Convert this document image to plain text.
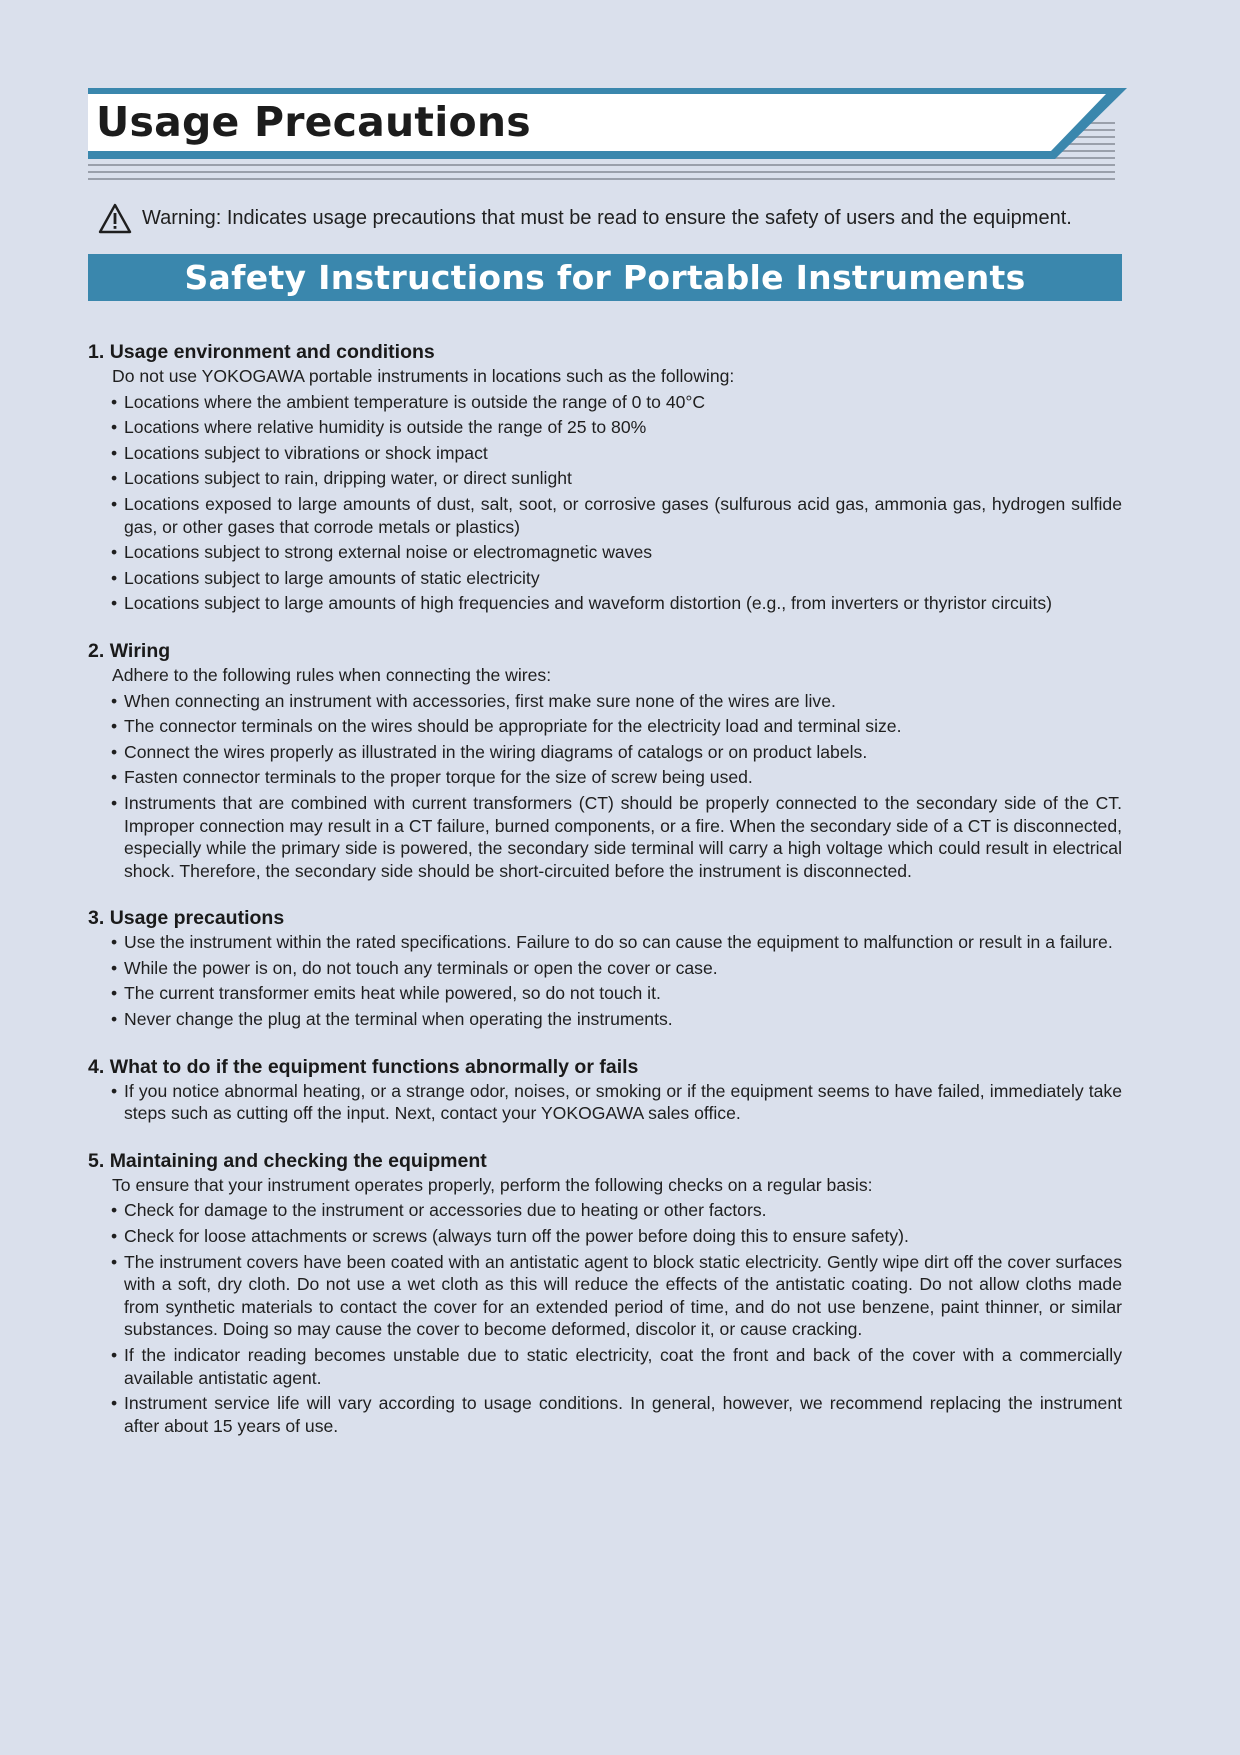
Usage Precautions
Warning: Indicates usage precautions that must be read to ensure the safety of users and the equipment.
Safety Instructions for Portable Instruments

1. Usage environment and conditions

Do not use YOKOGAWA portable instruments in locations such as the following:

• Locations where the ambient temperature is outside the range of 0 to 40°C
• Locations where relative humidity is outside the range of 25 to 80%
• Locations subject to vibrations or shock impact
• Locations subject to rain, dripping water, or direct sunlight
• Locations exposed to large amounts of dust, salt, soot, or corrosive gases (sulfurous acid gas, ammonia gas, hydrogen sulfide gas, or other gases that corrode metals or plastics)
• Locations subject to strong external noise or electromagnetic waves
• Locations subject to large amounts of static electricity
• Locations subject to large amounts of high frequencies and waveform distortion (e.g., from inverters or thyristor circuits)

2. Wiring

Adhere to the following rules when connecting the wires:

• When connecting an instrument with accessories, first make sure none of the wires are live.
• The connector terminals on the wires should be appropriate for the electricity load and terminal size.
• Connect the wires properly as illustrated in the wiring diagrams of catalogs or on product labels.
• Fasten connector terminals to the proper torque for the size of screw being used.
• Instruments that are combined with current transformers (CT) should be properly connected to the secondary side of the CT. Improper connection may result in a CT failure, burned components, or a fire. When the secondary side of a CT is disconnected, especially while the primary side is powered, the secondary side terminal will carry a high voltage which could result in electrical shock. Therefore, the secondary side should be short-circuited before the instrument is disconnected.

3. Usage precautions

• Use the instrument within the rated specifications. Failure to do so can cause the equipment to malfunction or result in a failure.
• While the power is on, do not touch any terminals or open the cover or case.
• The current transformer emits heat while powered, so do not touch it.
• Never change the plug at the terminal when operating the instruments.

4. What to do if the equipment functions abnormally or fails

• If you notice abnormal heating, or a strange odor, noises, or smoking or if the equipment seems to have failed, immediately take steps such as cutting off the input. Next, contact your YOKOGAWA sales office.

5. Maintaining and checking the equipment

To ensure that your instrument operates properly, perform the following checks on a regular basis:

• Check for damage to the instrument or accessories due to heating or other factors.
• Check for loose attachments or screws (always turn off the power before doing this to ensure safety).
• The instrument covers have been coated with an antistatic agent to block static electricity. Gently wipe dirt off the cover surfaces with a soft, dry cloth. Do not use a wet cloth as this will reduce the effects of the antistatic coating. Do not allow cloths made from synthetic materials to contact the cover for an extended period of time, and do not use benzene, paint thinner, or similar substances. Doing so may cause the cover to become deformed, discolor it, or cause cracking.
• If the indicator reading becomes unstable due to static electricity, coat the front and back of the cover with a commercially available antistatic agent.
• Instrument service life will vary according to usage conditions. In general, however, we recommend replacing the instrument after about 15 years of use.
